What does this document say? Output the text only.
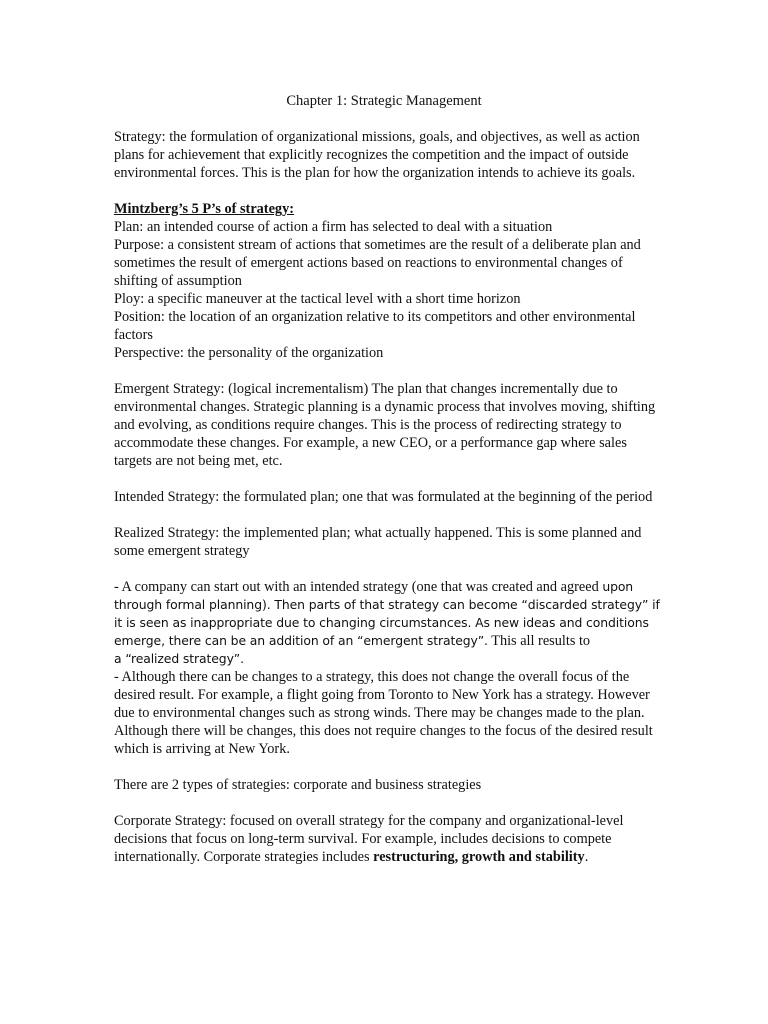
Chapter 1: Strategic Management

Strategy: the formulation of organizational missions, goals, and objectives, as well as action plans for achievement that explicitly recognizes the competition and the impact of outside environmental forces. This is the plan for how the organization intends to achieve its goals.

Mintzberg’s 5 P’s of strategy:
Plan: an intended course of action a firm has selected to deal with a situation
Purpose: a consistent stream of actions that sometimes are the result of a deliberate plan and sometimes the result of emergent actions based on reactions to environmental changes of shifting of assumption
Ploy: a specific maneuver at the tactical level with a short time horizon
Position: the location of an organization relative to its competitors and other environmental factors

Perspective: the personality of the organization

Emergent Strategy: (logical incrementalism) The plan that changes incrementally due to environmental changes. Strategic planning is a dynamic process that involves moving, shifting and evolving, as conditions require changes. This is the process of redirecting strategy to accommodate these changes. For example, a new CEO, or a performance gap where sales targets are not being met, etc.

Intended Strategy: the formulated plan; one that was formulated at the beginning of the period

Realized Strategy: the implemented plan; what actually happened. This is some planned and some emergent strategy

- A company can start out with an intended strategy (one that was created and agreed upon through formal planning). Then parts of that strategy can become “discarded strategy” if it is seen as inappropriate due to changing circumstances. As new ideas and conditions emerge, there can be an addition of an “emergent strategy”. This all results to
a “realized strategy”.

- Although there can be changes to a strategy, this does not change the overall focus of the desired result. For example, a flight going from Toronto to New York has a strategy. However due to environmental changes such as strong winds. There may be changes made to the plan. Although there will be changes, this does not require changes to the focus of the desired result which is arriving at New York.

There are 2 types of strategies: corporate and business strategies

Corporate Strategy: focused on overall strategy for the company and organizational-level decisions that focus on long-term survival. For example, includes decisions to compete internationally. Corporate strategies includes restructuring, growth and stability.
